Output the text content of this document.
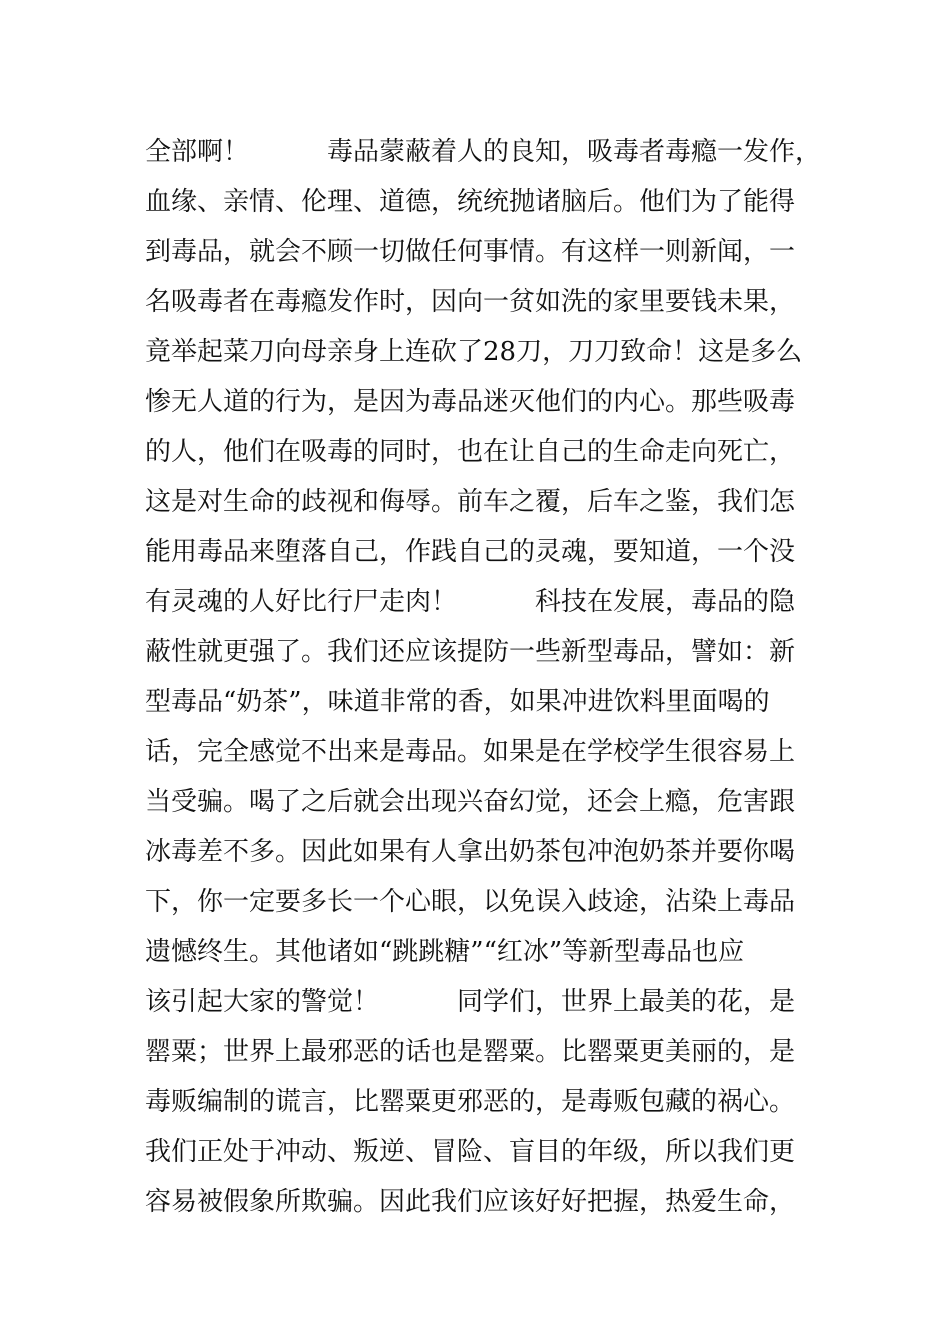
全部啊！　　　毒品蒙蔽着人的良知，吸毒者毒瘾一发作，
血缘、亲情、伦理、道德，统统抛诸脑后。他们为了能得
到毒品，就会不顾一切做任何事情。有这样一则新闻，一
名吸毒者在毒瘾发作时，因向一贫如洗的家里要钱未果，
竟举起菜刀向母亲身上连砍了28刀，刀刀致命！这是多么
惨无人道的行为，是因为毒品迷灭他们的内心。那些吸毒
的人，他们在吸毒的同时，也在让自己的生命走向死亡，
这是对生命的歧视和侮辱。前车之覆，后车之鉴，我们怎
能用毒品来堕落自己，作践自己的灵魂，要知道，一个没
有灵魂的人好比行尸走肉！　　　科技在发展，毒品的隐
蔽性就更强了。我们还应该提防一些新型毒品，譬如：新
型毒品“奶茶”，味道非常的香，如果冲进饮料里面喝的
话，完全感觉不出来是毒品。如果是在学校学生很容易上
当受骗。喝了之后就会出现兴奋幻觉，还会上瘾，危害跟
冰毒差不多。因此如果有人拿出奶茶包冲泡奶茶并要你喝
下，你一定要多长一个心眼，以免误入歧途，沾染上毒品
遗憾终生。其他诸如“跳跳糖”“红冰”等新型毒品也应
该引起大家的警觉！　　　同学们，世界上最美的花，是
罂粟；世界上最邪恶的话也是罂粟。比罂粟更美丽的，是
毒贩编制的谎言，比罂粟更邪恶的，是毒贩包藏的祸心。
我们正处于冲动、叛逆、冒险、盲目的年级，所以我们更
容易被假象所欺骗。因此我们应该好好把握，热爱生命，
